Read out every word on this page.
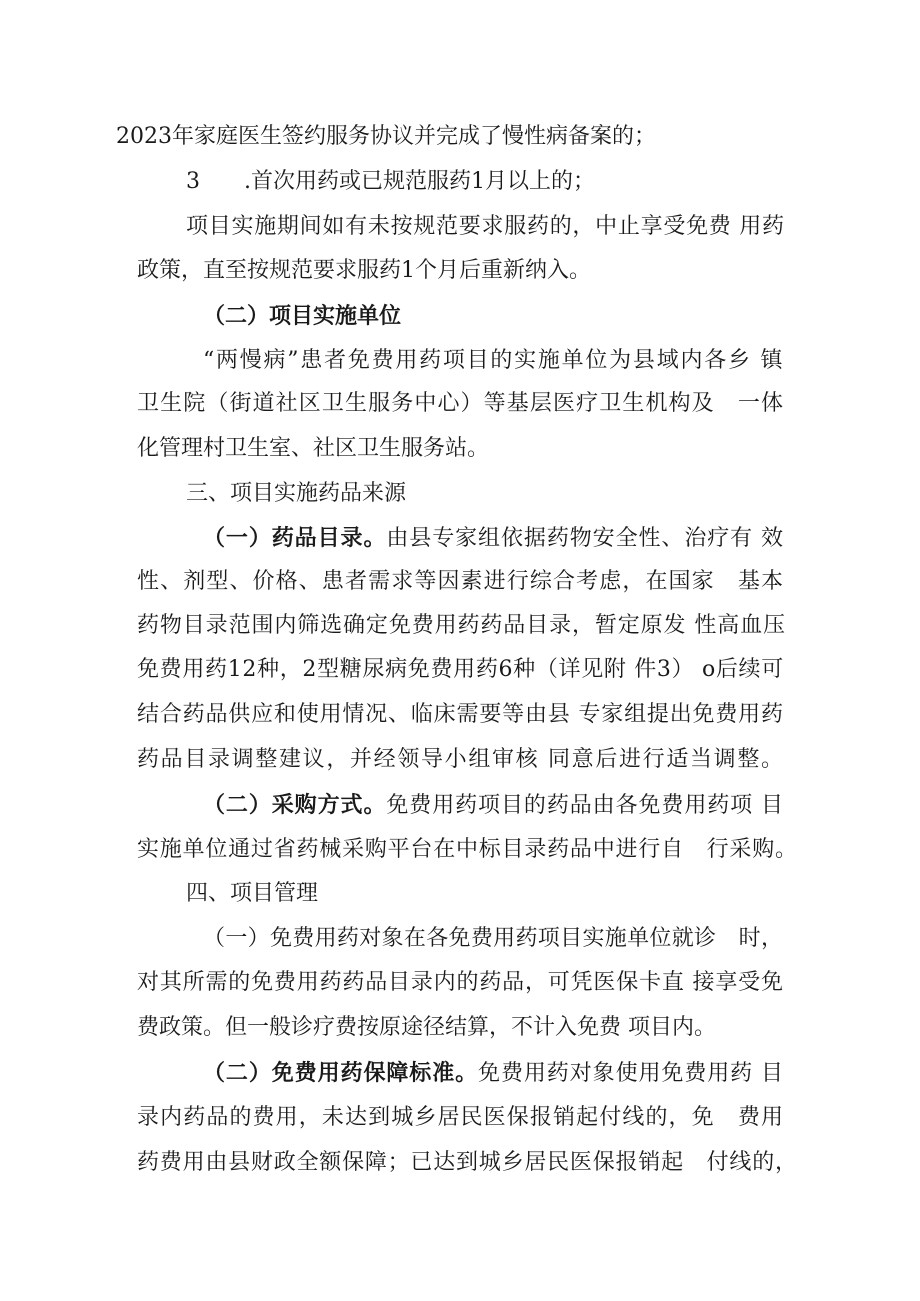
2023年家庭医生签约服务协议并完成了慢性病备案的；
3　　.首次用药或已规范服药1月以上的；
项目实施期间如有未按规范要求服药的，中止享受免费 用药
政策，直至按规范要求服药1个月后重新纳入。
（二）项目实施单位
“两慢病”患者免费用药项目的实施单位为县域内各乡 镇
卫生院（街道社区卫生服务中心）等基层医疗卫生机构及　一体
化管理村卫生室、社区卫生服务站。
三、项目实施药品来源
（一）药品目录。由县专家组依据药物安全性、治疗有 效
性、剂型、价格、患者需求等因素进行综合考虑，在国家　基本
药物目录范围内筛选确定免费用药药品目录，暂定原发 性高血压
免费用药12种，2型糖尿病免费用药6种（详见附 件3） o后续可
结合药品供应和使用情况、临床需要等由县 专家组提出免费用药
药品目录调整建议，并经领导小组审核 同意后进行适当调整。
（二）采购方式。免费用药项目的药品由各免费用药项 目
实施单位通过省药械采购平台在中标目录药品中进行自　行采购。
四、项目管理
（一）免费用药对象在各免费用药项目实施单位就诊　时，
对其所需的免费用药药品目录内的药品，可凭医保卡直 接享受免
费政策。但一般诊疗费按原途径结算，不计入免费 项目内。
（二）免费用药保障标准。免费用药对象使用免费用药 目
录内药品的费用，未达到城乡居民医保报销起付线的，免　费用
药费用由县财政全额保障；已达到城乡居民医保报销起　付线的，
